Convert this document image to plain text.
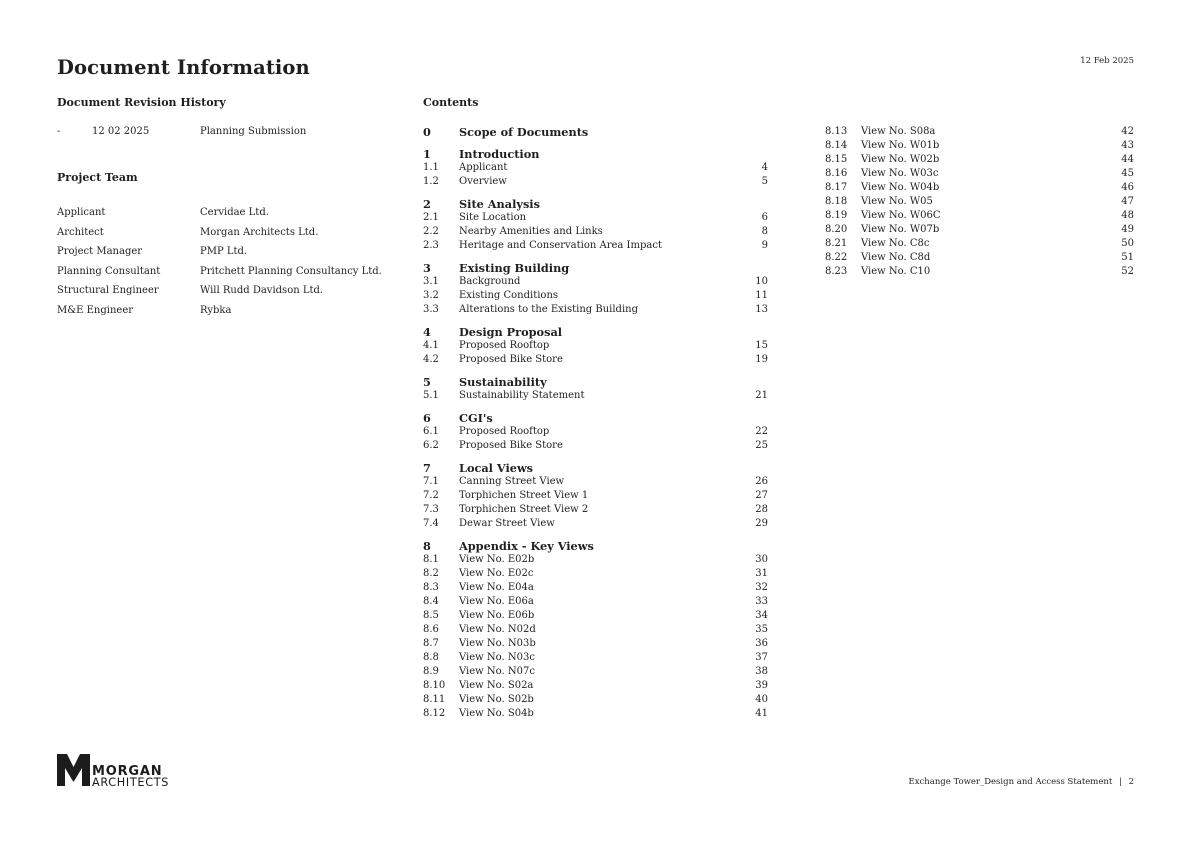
Document Information	12 Feb 2025
Document Revision History
-	12 02 2025	Planning Submission
Project Team
Applicant	Cervidae Ltd.
Architect	Morgan Architects Ltd.
Project Manager	PMP Ltd.
Planning Consultant	Pritchett Planning Consultancy Ltd.
Structural Engineer	Will Rudd Davidson Ltd.
M&E Engineer	Rybka
Contents
0 Scope of Documents
1 Introduction
1.1 Applicant	4
1.2 Overview	5
2 Site Analysis
2.1 Site Location	6
2.2 Nearby Amenities and Links	8
2.3 Heritage and Conservation Area Impact	9
3 Existing Building
3.1 Background	10
3.2 Existing Conditions	11
3.3 Alterations to the Existing Building	13
4 Design Proposal
4.1 Proposed Rooftop	15
4.2 Proposed Bike Store	19
5 Sustainability
5.1 Sustainability Statement	21
6 CGI's
6.1 Proposed Rooftop	22
6.2 Proposed Bike Store	25
7 Local Views
7.1 Canning Street View	26
7.2 Torphichen Street View 1	27
7.3 Torphichen Street View 2	28
7.4 Dewar Street View	29
8 Appendix - Key Views
8.1 View No. E02b	30
8.2 View No. E02c	31
8.3 View No. E04a	32
8.4 View No. E06a	33
8.5 View No. E06b	34
8.6 View No. N02d	35
8.7 View No. N03b	36
8.8 View No. N03c	37
8.9 View No. N07c	38
8.10 View No. S02a	39
8.11 View No. S02b	40
8.12 View No. S04b	41
8.13 View No. S08a	42
8.14 View No. W01b	43
8.15 View No. W02b	44
8.16 View No. W03c	45
8.17 View No. W04b	46
8.18 View No. W05	47
8.19 View No. W06C	48
8.20 View No. W07b	49
8.21 View No. C8c	50
8.22 View No. C8d	51
8.23 View No. C10	52
MORGAN
ARCHITECTS	Exchange Tower_Design and Access Statement | 2
